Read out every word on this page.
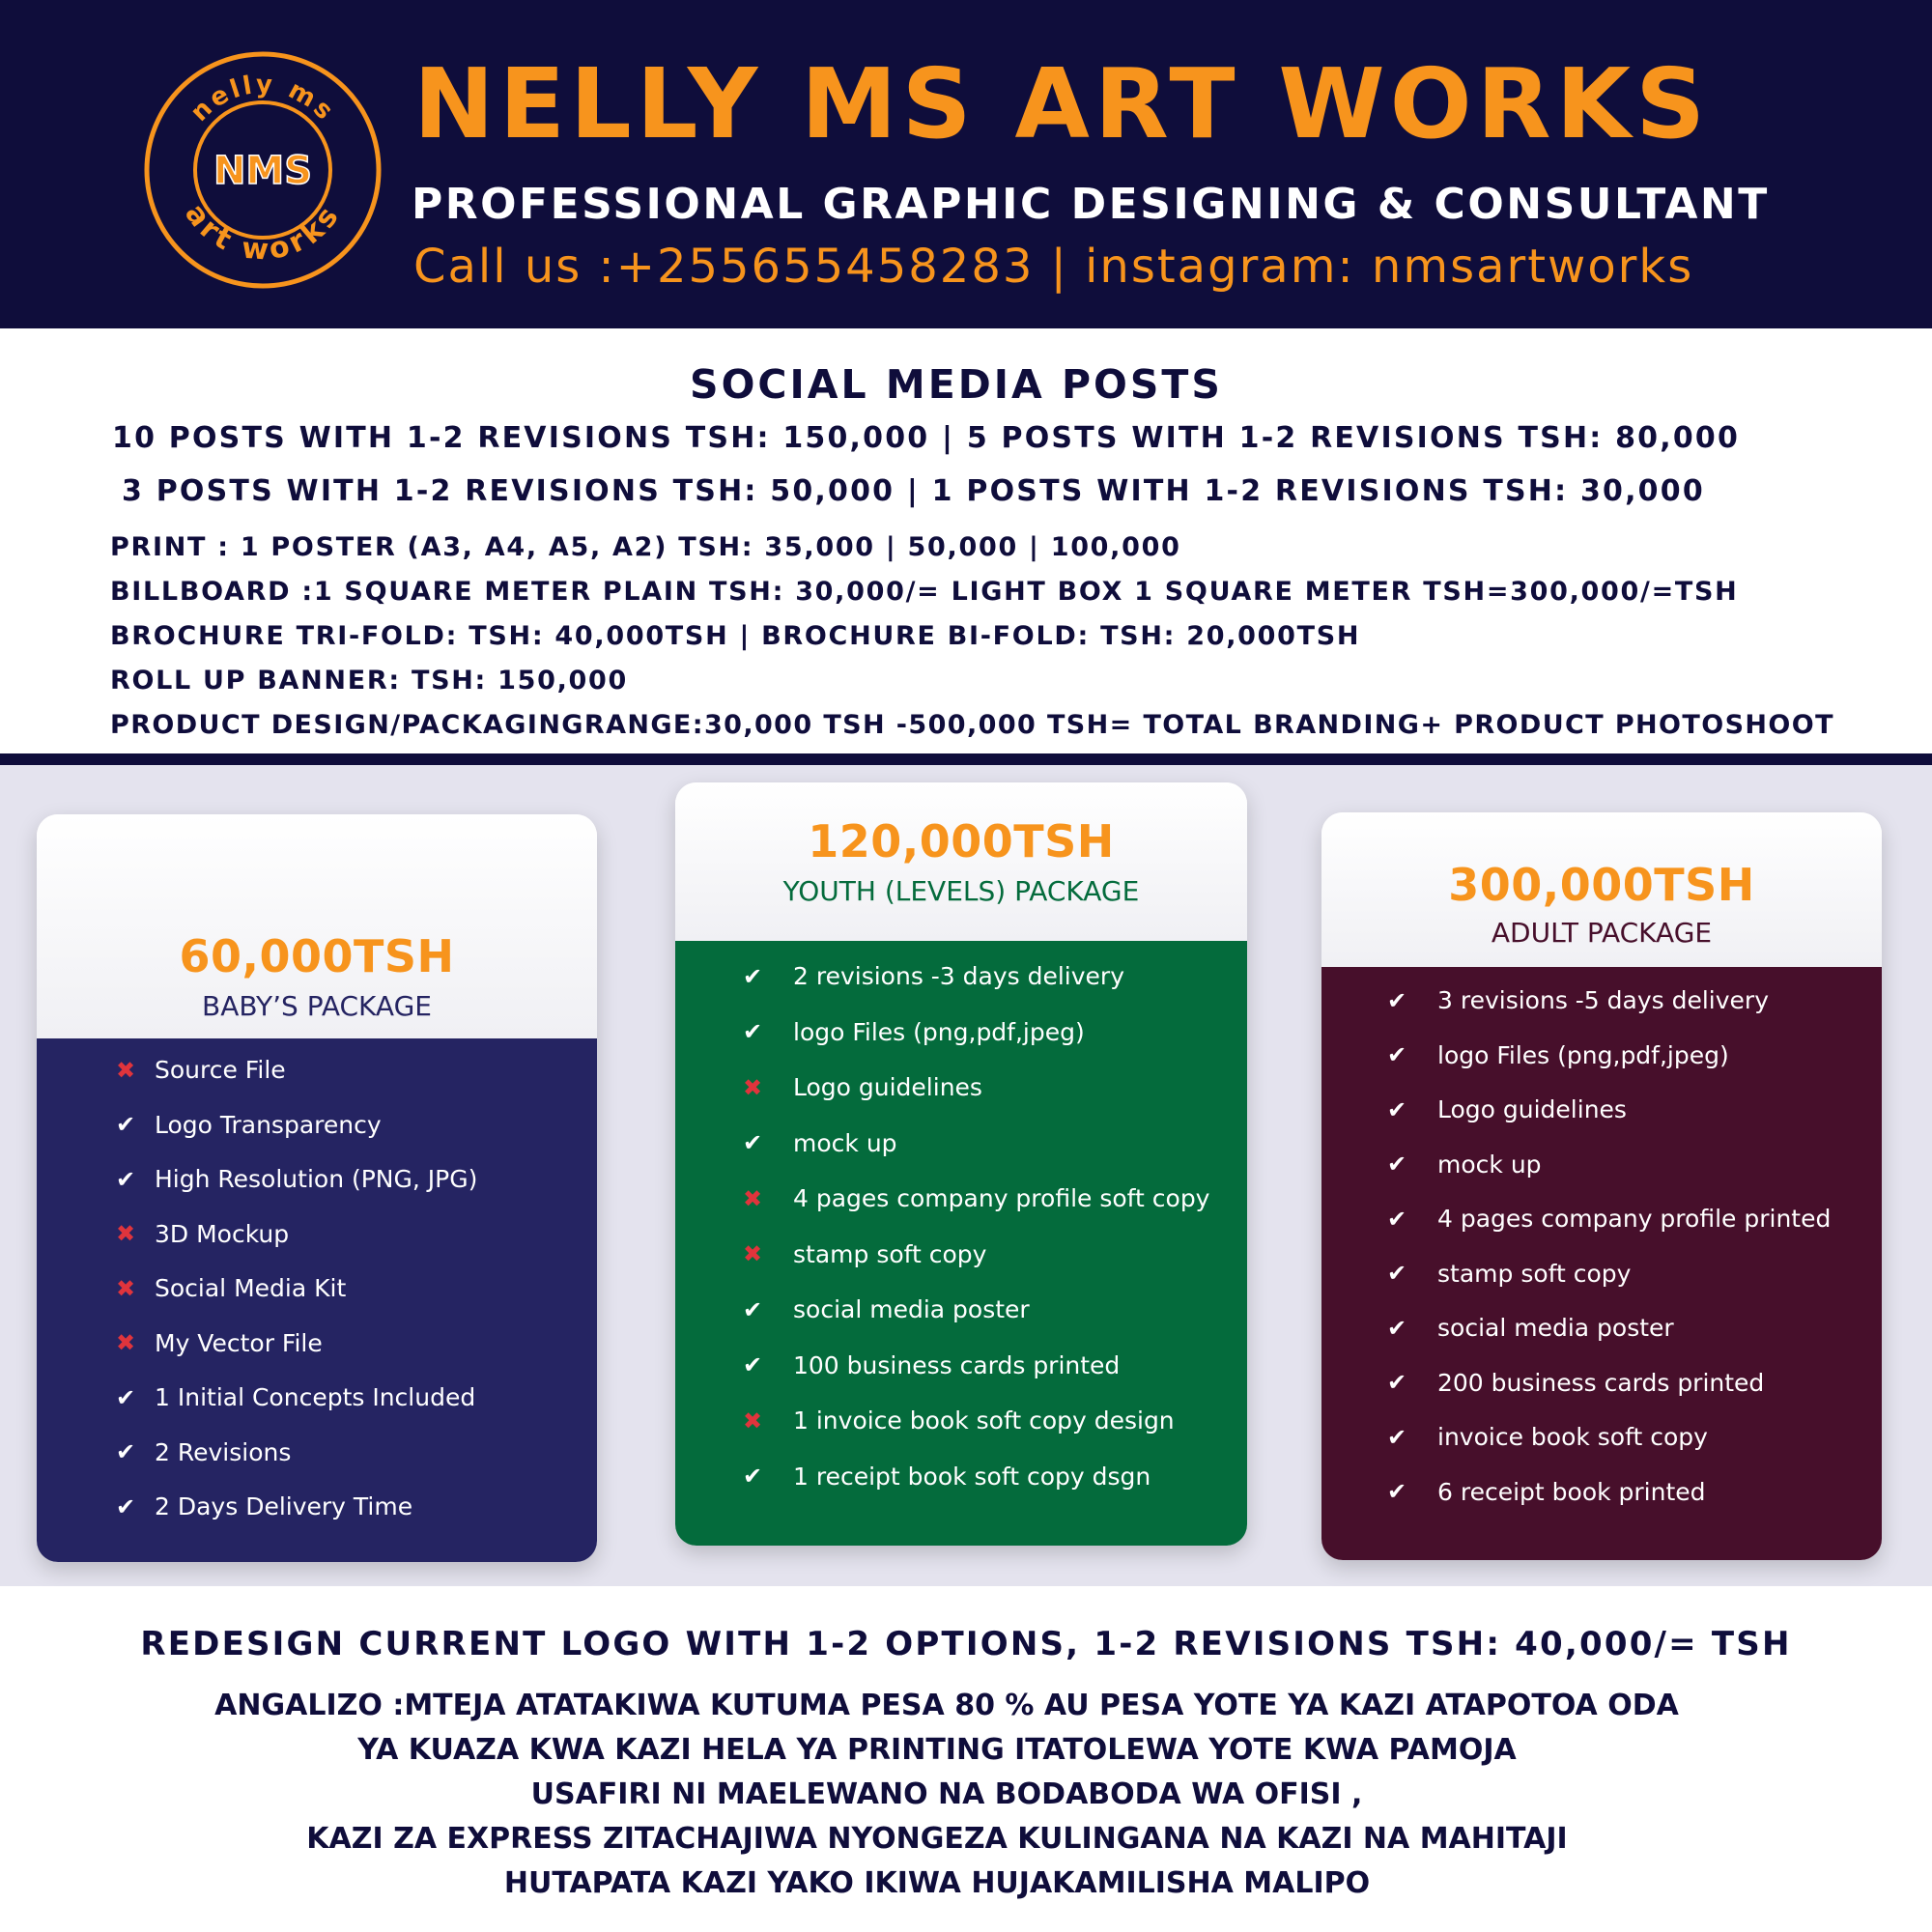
nelly ms
art works
NMS
NELLY MS ART WORKS
PROFESSIONAL GRAPHIC DESIGNING & CONSULTANT
Call us :+255655458283 | instagram: nmsartworks
SOCIAL MEDIA POSTS
10 POSTS WITH 1-2 REVISIONS TSH: 150,000 | 5 POSTS WITH 1-2 REVISIONS TSH: 80,000
3 POSTS WITH 1-2 REVISIONS TSH: 50,000 | 1 POSTS WITH 1-2 REVISIONS TSH: 30,000
PRINT : 1 POSTER (A3, A4, A5, A2) TSH: 35,000 | 50,000 | 100,000
BILLBOARD :1 SQUARE METER PLAIN TSH: 30,000/= LIGHT BOX 1 SQUARE METER TSH=300,000/=TSH
BROCHURE TRI-FOLD: TSH: 40,000TSH | BROCHURE BI-FOLD: TSH: 20,000TSH
ROLL UP BANNER: TSH: 150,000
PRODUCT DESIGN/PACKAGINGRANGE:30,000 TSH -500,000 TSH= TOTAL BRANDING+ PRODUCT PHOTOSHOOT
60,000TSH
BABY’S PACKAGE
✖ Source File
✔ Logo Transparency
✔ High Resolution (PNG, JPG)
✖ 3D Mockup
✖ Social Media Kit
✖ My Vector File
✔ 1 Initial Concepts Included
✔ 2 Revisions
✔ 2 Days Delivery Time
120,000TSH
YOUTH (LEVELS) PACKAGE
✔	2 revisions -3 days delivery
✔	logo Files (png,pdf,jpeg)
✖	Logo guidelines
✔	mock up
✖	4 pages company profile soft copy
✖	stamp soft copy
✔	social media poster
✔	100 business cards printed
✖	1 invoice book soft copy design
✔	1 receipt book soft copy dsgn
300,000TSH
ADULT PACKAGE
✔	3 revisions -5 days delivery
✔	logo Files (png,pdf,jpeg)
✔	Logo guidelines
✔	mock up
✔	4 pages company profile printed
✔	stamp soft copy
✔	social media poster
✔	200 business cards printed
✔	invoice book soft copy
✔	6 receipt book printed
REDESIGN CURRENT LOGO WITH 1-2 OPTIONS, 1-2 REVISIONS TSH: 40,000/= TSH
ANGALIZO :MTEJA ATATAKIWA KUTUMA PESA 80 % AU PESA YOTE YA KAZI ATAPOTOA ODA
YA KUAZA KWA KAZI HELA YA PRINTING ITATOLEWA YOTE KWA PAMOJA
USAFIRI NI MAELEWANO NA BODABODA WA OFISI ,
KAZI ZA EXPRESS ZITACHAJIWA NYONGEZA KULINGANA NA KAZI NA MAHITAJI
HUTAPATA KAZI YAKO IKIWA HUJAKAMILISHA MALIPO
